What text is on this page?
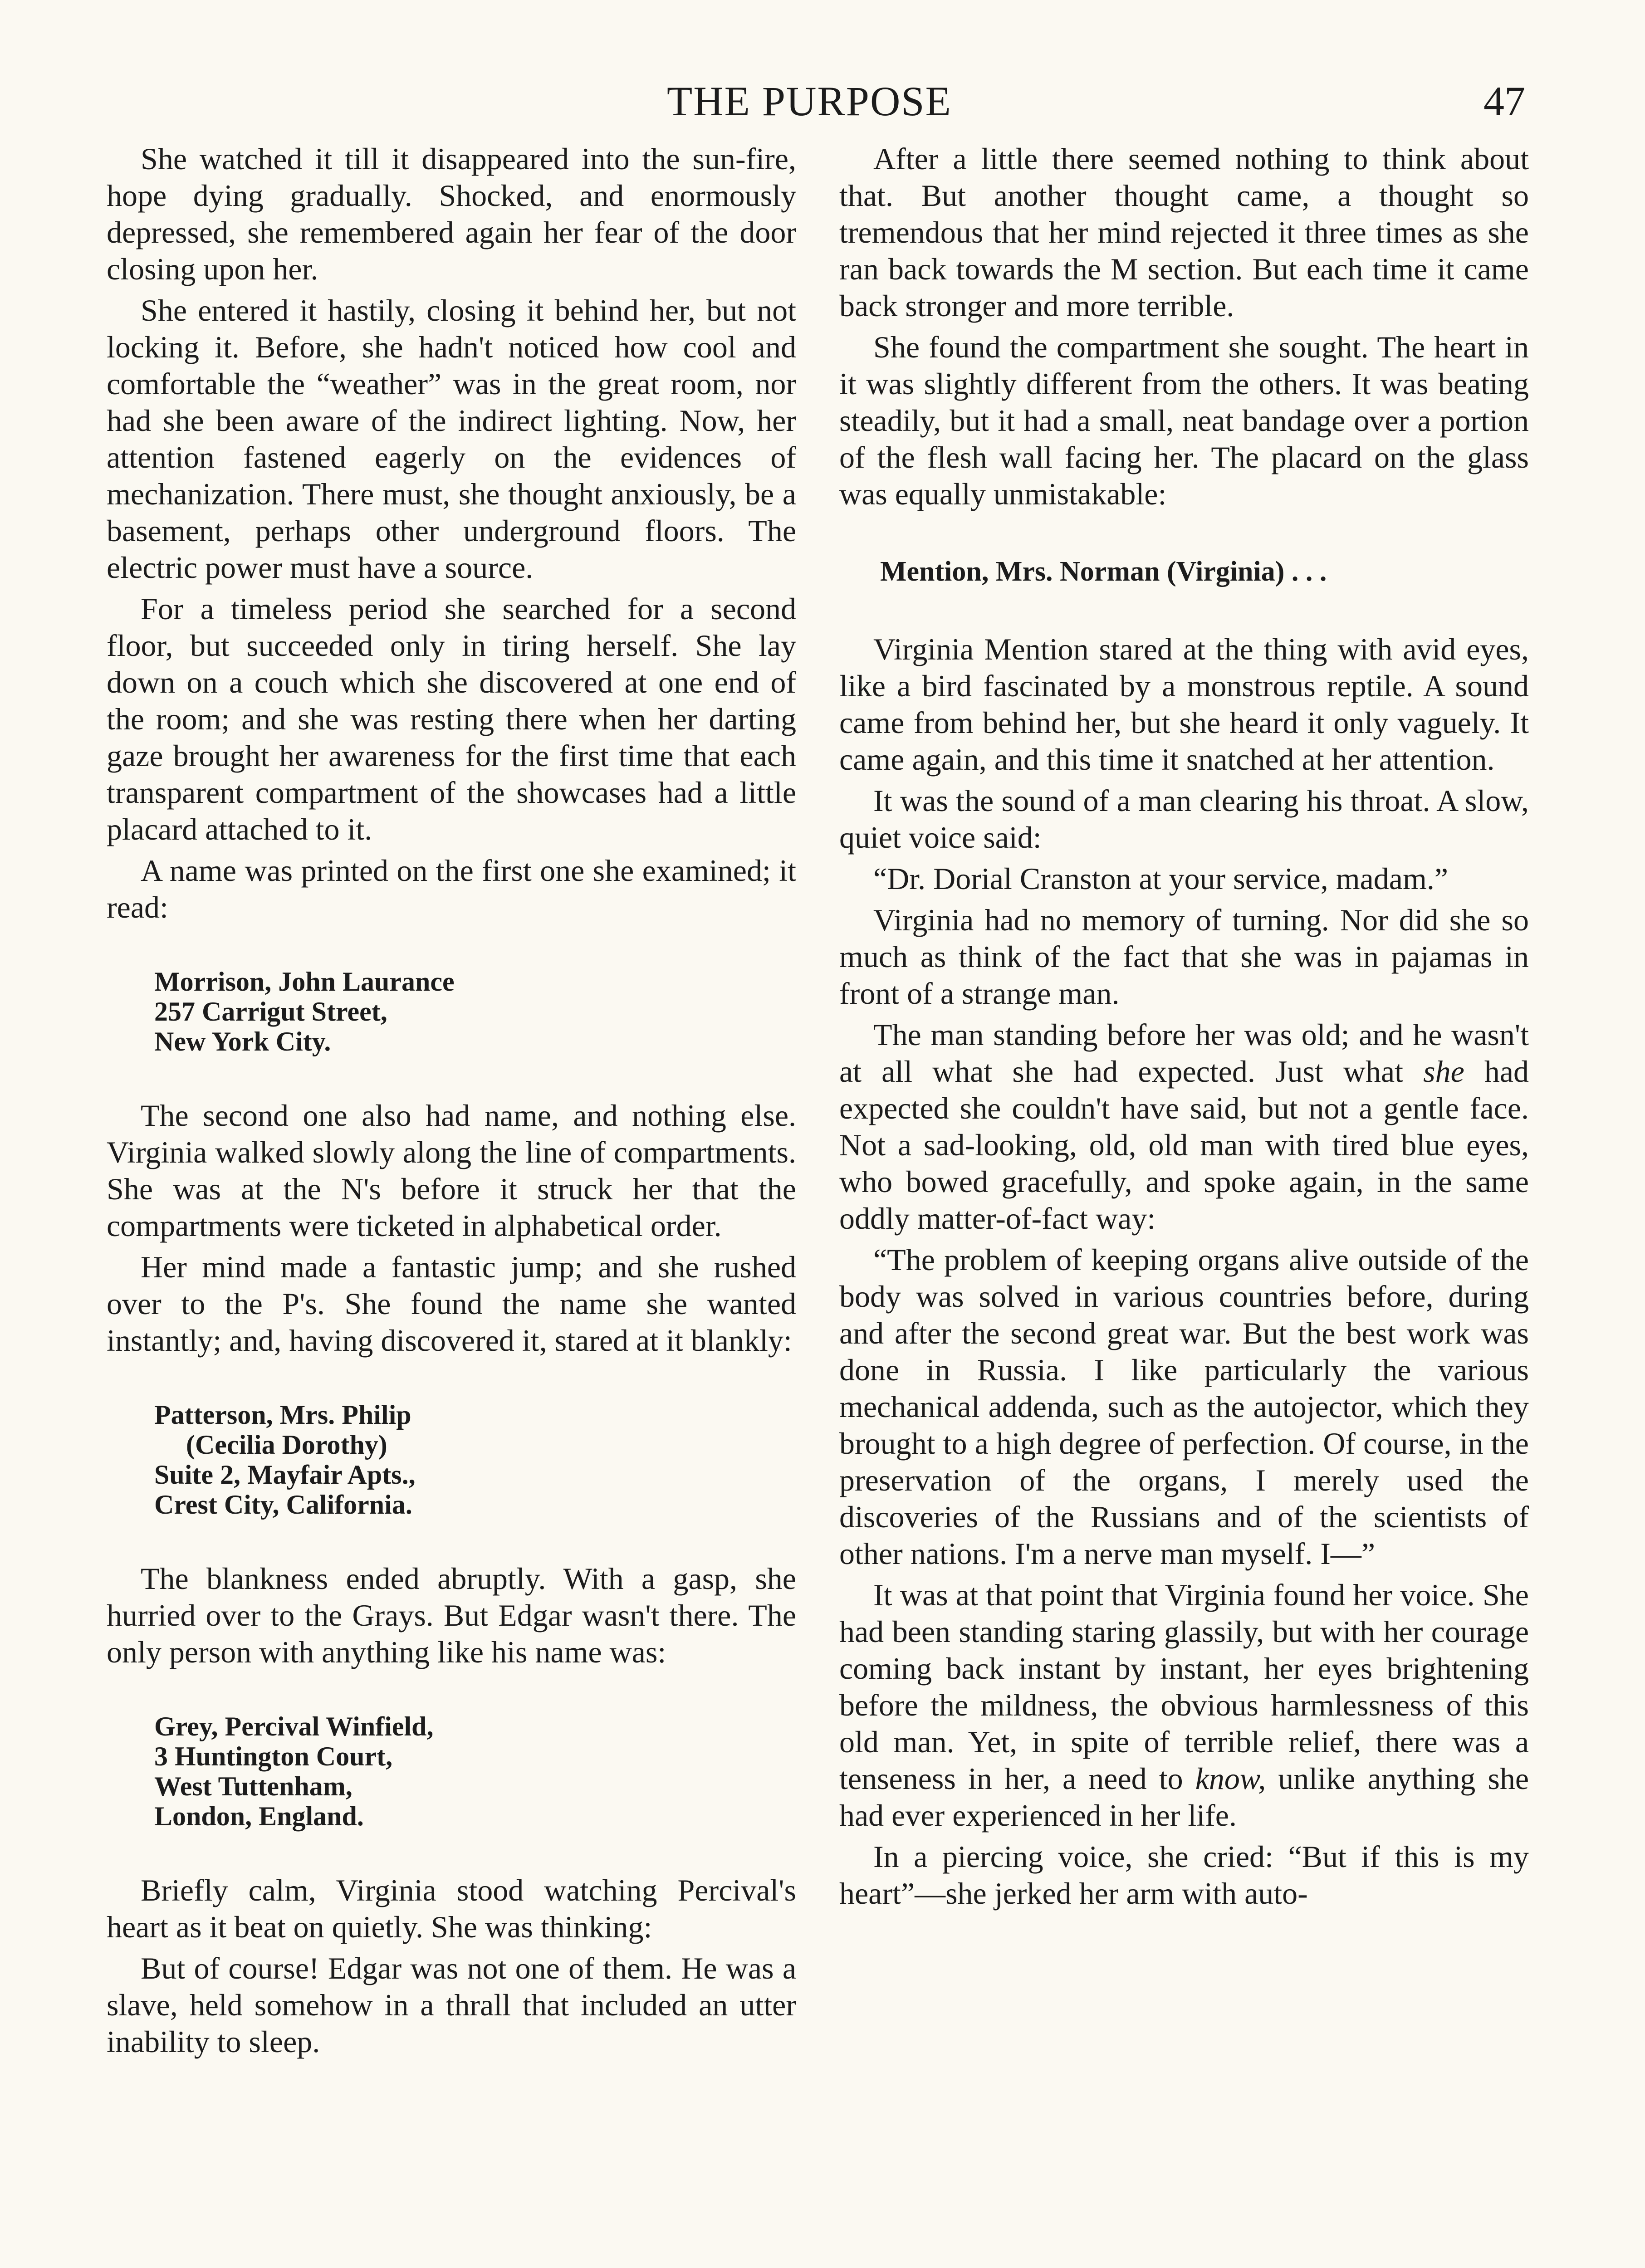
THE PURPOSE	47

She watched it till it disappeared into the sun-fire, hope dying gradually. Shocked, and enormously depressed, she remembered again her fear of the door closing upon her.

She entered it hastily, closing it behind her, but not locking it. Before, she hadn't noticed how cool and comfortable the “weather” was in the great room, nor had she been aware of the indirect lighting. Now, her attention fastened eagerly on the evidences of mechanization. There must, she thought anxiously, be a basement, perhaps other underground floors. The electric power must have a source.

For a timeless period she searched for a second floor, but succeeded only in tiring herself. She lay down on a couch which she discovered at one end of the room; and she was resting there when her darting gaze brought her awareness for the first time that each transparent compartment of the showcases had a little placard attached to it.

A name was printed on the first one she examined; it read:

Morrison, John Laurance
257 Carrigut Street,
New York City.

The second one also had name, and nothing else. Virginia walked slowly along the line of compartments. She was at the N's before it struck her that the compartments were ticketed in alphabetical order.

Her mind made a fantastic jump; and she rushed over to the P's. She found the name she wanted instantly; and, having discovered it, stared at it blankly:

Patterson, Mrs. Philip
(Cecilia Dorothy)
Suite 2, Mayfair Apts.,
Crest City, California.

The blankness ended abruptly. With a gasp, she hurried over to the Grays. But Edgar wasn't there. The only person with anything like his name was:

Grey, Percival Winfield,
3 Huntington Court,
West Tuttenham,
London, England.

Briefly calm, Virginia stood watching Percival's heart as it beat on quietly. She was thinking:

But of course! Edgar was not one of them. He was a slave, held somehow in a thrall that included an utter inability to sleep.

After a little there seemed nothing to think about that. But another thought came, a thought so tremendous that her mind rejected it three times as she ran back towards the M section. But each time it came back stronger and more terrible.

She found the compartment she sought. The heart in it was slightly different from the others. It was beating steadily, but it had a small, neat bandage over a portion of the flesh wall facing her. The placard on the glass was equally unmistakable:

Mention, Mrs. Norman (Virginia) . . .

Virginia Mention stared at the thing with avid eyes, like a bird fascinated by a monstrous reptile. A sound came from behind her, but she heard it only vaguely. It came again, and this time it snatched at her attention.

It was the sound of a man clearing his throat. A slow, quiet voice said:

“Dr. Dorial Cranston at your service, madam.”

Virginia had no memory of turning. Nor did she so much as think of the fact that she was in pajamas in front of a strange man.

The man standing before her was old; and he wasn't at all what she had expected. Just what she had expected she couldn't have said, but not a gentle face. Not a sad-looking, old, old man with tired blue eyes, who bowed gracefully, and spoke again, in the same oddly matter-of-fact way:

“The problem of keeping organs alive outside of the body was solved in various countries before, during and after the second great war. But the best work was done in Russia. I like particularly the various mechanical addenda, such as the autojector, which they brought to a high degree of perfection. Of course, in the preservation of the organs, I merely used the discoveries of the Russians and of the scientists of other nations. I'm a nerve man myself. I—”

It was at that point that Virginia found her voice. She had been standing staring glassily, but with her courage coming back instant by instant, her eyes brightening before the mildness, the obvious harmlessness of this old man. Yet, in spite of terrible relief, there was a tenseness in her, a need to know, unlike anything she had ever experienced in her life.

In a piercing voice, she cried: “But if this is my heart”—she jerked her arm with auto-
